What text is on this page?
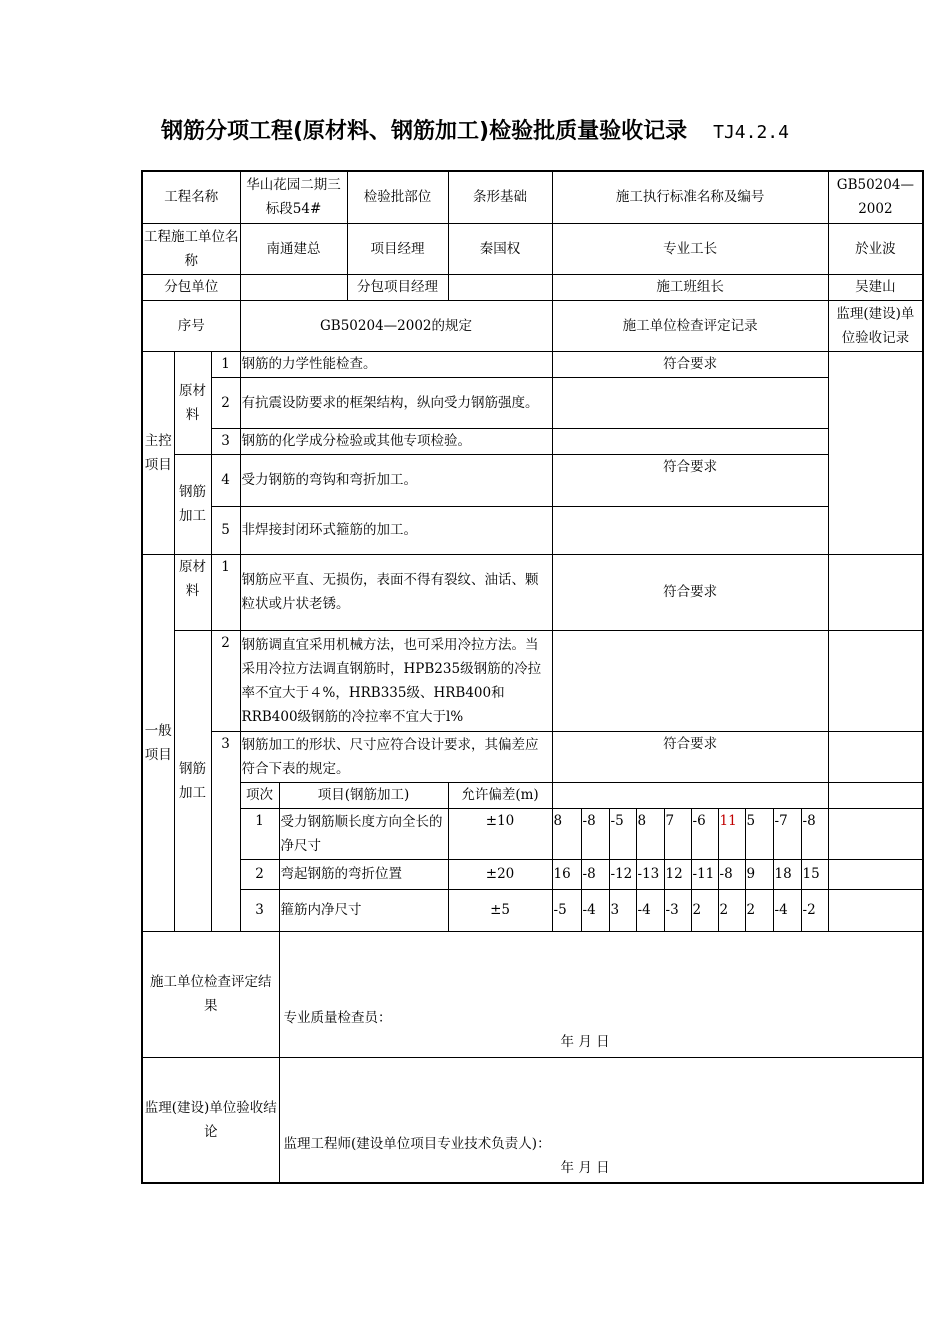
钢筋分项工程(原材料、钢筋加工)检验批质量验收记录 TJ4.2.4
工程名称			华山花园二期三标段54#		检验批部位	条形基础	施工执行标准名称及编号										GB50204—2002
工程施工单位名称			南通建总		项目经理	秦国权	专业工长										於业波
分包单位					分包项目经理		施工班组长										吴建山
序号			GB50204—2002的规定				施工单位检查评定记录										监理(建设)单位验收记录
主控项目	原材料	1	钢筋的力学性能检查。				符合要求										
		2	有抗震设防要求的框架结构，纵向受力钢筋强度。														
		3	钢筋的化学成分检验或其他专项检验。														
	钢筋加工	4	受力钢筋的弯钩和弯折加工。				符合要求										
		5	非焊接封闭环式箍筋的加工。														
一般项目	原材料	1	钢筋应平直、无损伤，表面不得有裂纹、油话、颗粒状或片状老锈。				符合要求										
	钢筋加工	2	钢筋调直宜采用机械方法，也可采用冷拉方法。当采用冷拉方法调直钢筋时，HPB235级钢筋的冷拉率不宜大于４%，HRB335级、HRB400和RRB400级钢筋的冷拉率不宜大于l%														
		3	钢筋加工的形状、尺寸应符合设计要求，其偏差应符合下表的规定。				符合要求										
			项次	项目(钢筋加工)		允许偏差(m)											
			1	受力钢筋顺长度方向全长的净尺寸		±10	8	-8	-5	8	7	-6	11	5	-7	-8	
			2	弯起钢筋的弯折位置		±20	16	-8	-12	-13	12	-11	-8	9	18	15	
			3	箍筋内净尺寸		±5	-5	-4	3	-4	-3	2	2	2	-4	-2	
施工单位检查评定结果				专业质量检查员：
年 月 日													

监理(建设)单位验收结论				监理工程师(建设单位项目专业技术负责人)：
年 月 日													
